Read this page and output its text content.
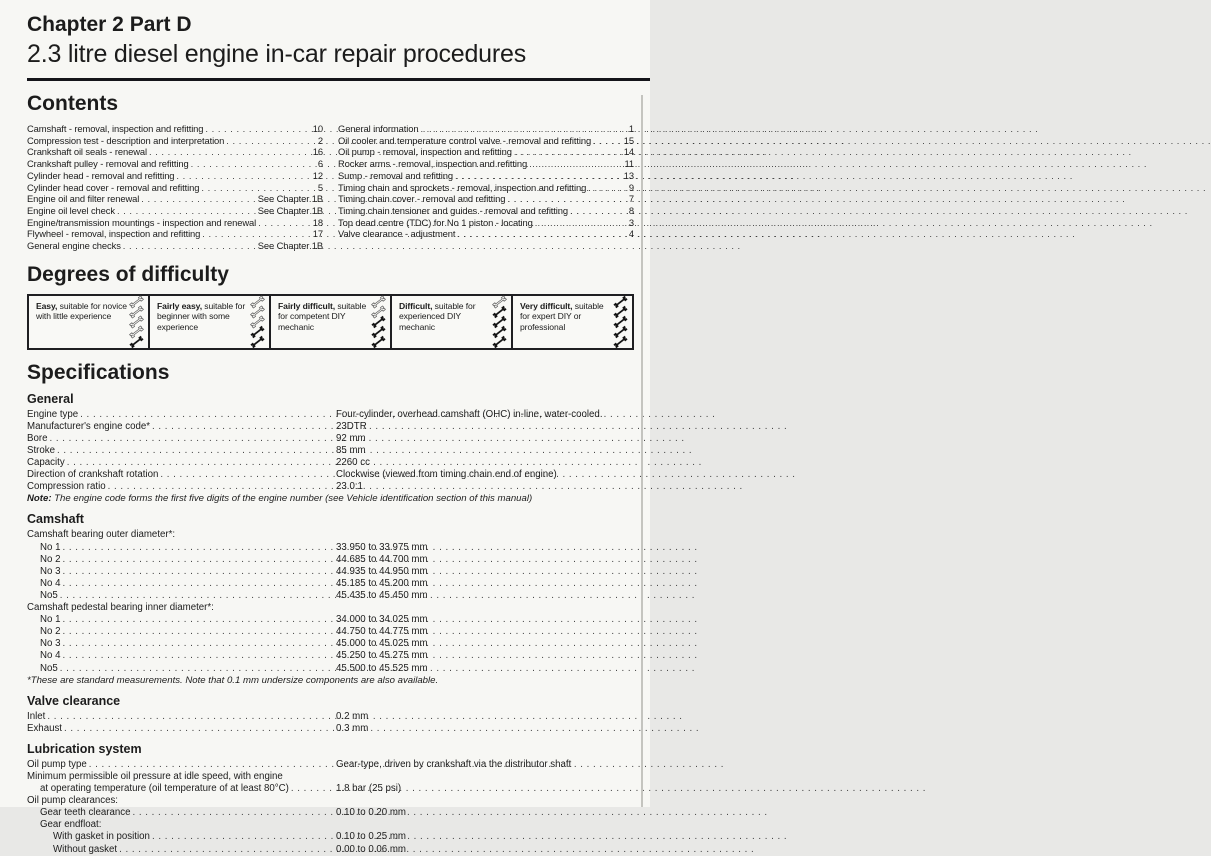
Chapter 2 Part D
2.3 litre diesel engine in-car repair procedures
Contents
Camshaft - removal, inspection and refitting . . .	10
Compression test - description and interpretation . . .	2
Crankshaft oil seals - renewal . . .	16
Crankshaft pulley - removal and refitting . . .	6
Cylinder head - removal and refitting . . .	12
Cylinder head cover - removal and refitting . . .	5
Engine oil and filter renewal . . .	See Chapter 1B
Engine oil level check . . .	See Chapter 1B
Engine/transmission mountings - inspection and renewal . . .	18
Flywheel - removal, inspection and refitting . . .	17
General engine checks . . .	See Chapter 1B
General information . . .	1
Oil cooler and temperature control valve - removal and refitting . . .	15
Oil pump - removal, inspection and refitting . . .	14
Rocker arms - removal, inspection and refitting . . .	11
Sump - removal and refitting . . .	13
Timing chain and sprockets - removal, inspection and refitting . . .	9
Timing chain cover - removal and refitting . . .	7
Timing chain tensioner and guides - removal and refitting . . .	8
Top dead centre (TDC) for No 1 piston - locating . . .	3
Valve clearance - adjustment . . .	4
Degrees of difficulty
Easy, suitable for novice with little experience
Fairly easy, suitable for beginner with some experience
Fairly difficult, suitable for competent DIY mechanic
Difficult, suitable for experienced DIY mechanic
Very difficult, suitable for expert DIY or professional
Specifications
General
Engine type . . .	Four-cylinder, overhead camshaft (OHC) in-line, water-cooled.
Manufacturer's engine code* . . .	23DTR
Bore . . .	92 mm
Stroke . . .	85 mm
Capacity . . .	2260 cc
Direction of crankshaft rotation . . .	Clockwise (viewed from timing chain end of engine)
Compression ratio . . .	23.0:1
Note: The engine code forms the first five digits of the engine number (see Vehicle identification section of this manual)
Camshaft
Camshaft bearing outer diameter*:
No 1 . . .	33.950 to 33.975 mm
No 2 . . .	44.685 to 44.700 mm
No 3 . . .	44.935 to 44.950 mm
No 4 . . .	45.185 to 45.200 mm
No5 . . .	45.435 to 45.450 mm
Camshaft pedestal bearing inner diameter*:
No 1 . . .	34.000 to 34.025 mm
No 2 . . .	44.750 to 44.775 mm
No 3 . . .	45.000 to 45.025 mm
No 4 . . .	45.250 to 45.275 mm
No5 . . .	45.500 to 45.525 mm
*These are standard measurements. Note that 0.1 mm undersize components are also available.
Valve clearance
Inlet . . .	0.2 mm
Exhaust . . .	0.3 mm
Lubrication system
Oil pump type . . .	Gear-type, driven by crankshaft via the distributor shaft
Minimum permissible oil pressure at idle speed, with engine
at operating temperature (oil temperature of at least 80°C) . . .	1.8 bar (25 psi)
Oil pump clearances:
Gear teeth clearance . . .	0.10 to 0.20 mm
Gear endfloat:
With gasket in position . . .	0.10 to 0.25 mm
Without gasket . . .	0.00 to 0.06 mm
